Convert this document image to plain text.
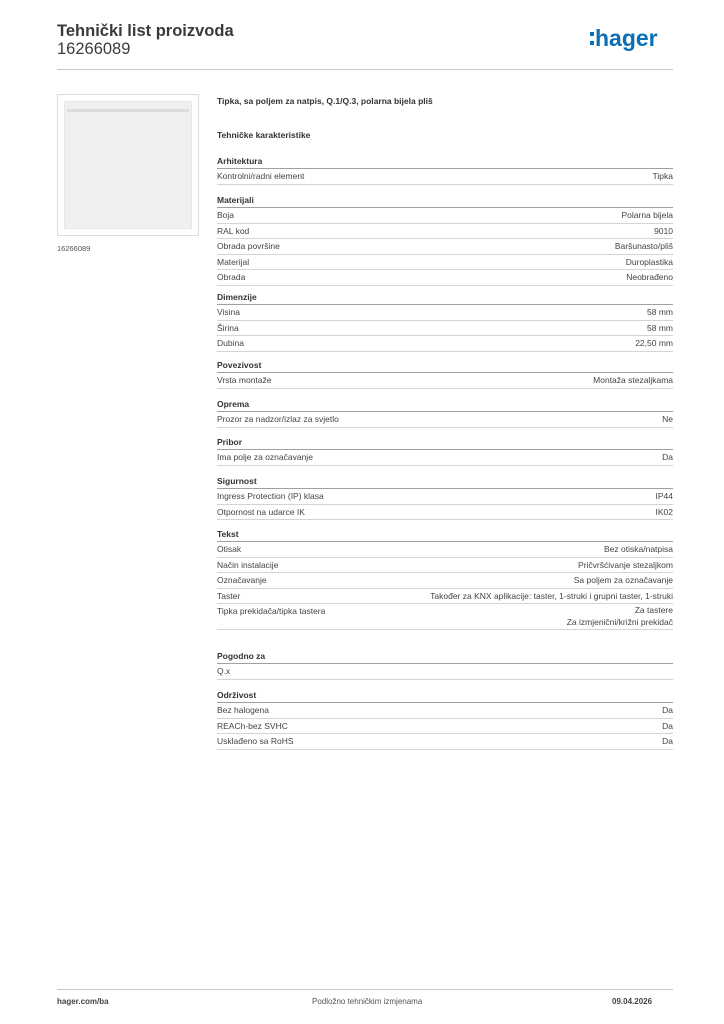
Tehnički list proizvoda
16266089	hager
16266089
Tipka, sa poljem za natpis, Q.1/Q.3, polarna bijela pliš
Tehničke karakteristike
Arhitektura
Kontrolni/radni element	Tipka
Materijali
Boja	Polarna bijela
RAL kod	9010
Obrada površine	Baršunasto/pliš
Materijal	Duroplastika
Obrada	Neobrađeno
Dimenzije
Visina	58 mm
Širina	58 mm
Dubina	22,50 mm
Povezivost
Vrsta montaže	Montaža stezaljkama
Oprema
Prozor za nadzor/izlaz za svjetlo	Ne
Pribor
Ima polje za označavanje	Da
Sigurnost
Ingress Protection (IP) klasa	IP44
Otpornost na udarce IK	IK02
Tekst
Otisak	Bez otiska/natpisa
Način instalacije	Pričvršćivanje stezaljkom
Označavanje	Sa poljem za označavanje
Taster	Također za KNX aplikacije: taster, 1-struki i grupni taster, 1-struki
Tipka prekidača/tipka tastera	Za tastere
Za izmjenični/križni prekidač
Pogodno za
Q.x
Održivost
Bez halogena	Da
REACh-bez SVHC	Da
Usklađeno sa RoHS	Da
hager.com/ba	Podložno tehničkim izmjenama	09.04.2026
